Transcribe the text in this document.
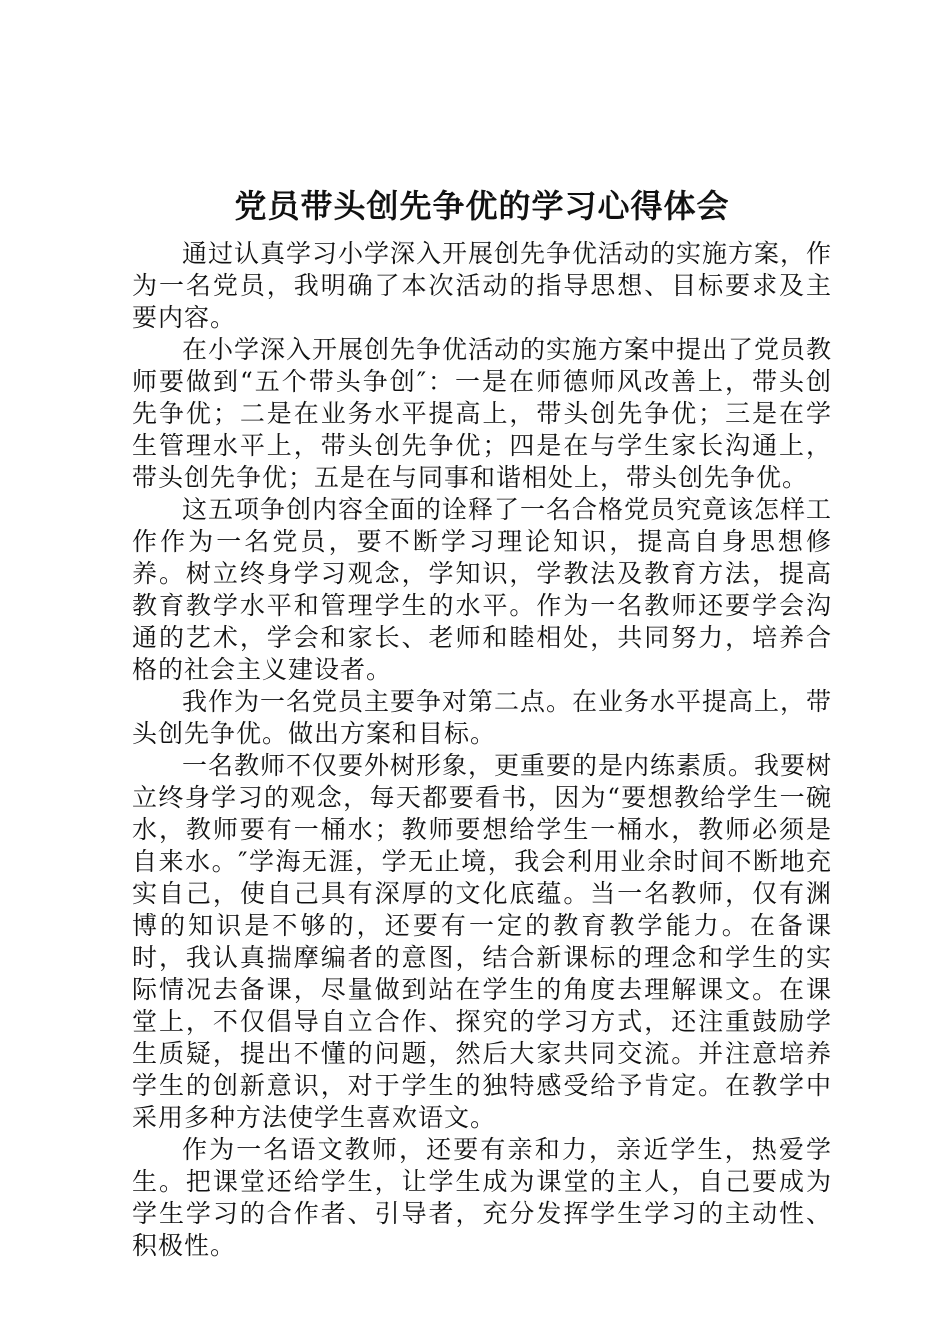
党员带头创先争优的学习心得体会

通过认真学习小学深入开展创先争优活动的实施方案，作为一名党员，我明确了本次活动的指导思想、目标要求及主要内容。

在小学深入开展创先争优活动的实施方案中提出了党员教师要做到“五个带头争创″：一是在师德师风改善上，带头创先争优；二是在业务水平提高上，带头创先争优；三是在学生管理水平上，带头创先争优；四是在与学生家长沟通上，带头创先争优；五是在与同事和谐相处上，带头创先争优。

这五项争创内容全面的诠释了一名合格党员究竟该怎样工作作为一名党员，要不断学习理论知识，提高自身思想修养。树立终身学习观念，学知识，学教法及教育方法，提高教育教学水平和管理学生的水平。作为一名教师还要学会沟通的艺术，学会和家长、老师和睦相处，共同努力，培养合格的社会主义建设者。

我作为一名党员主要争对第二点。在业务水平提高上，带头创先争优。做出方案和目标。

一名教师不仅要外树形象，更重要的是内练素质。我要树立终身学习的观念，每天都要看书，因为“要想教给学生一碗水，教师要有一桶水；教师要想给学生一桶水，教师必须是自来水。″学海无涯，学无止境，我会利用业余时间不断地充实自己，使自己具有深厚的文化底蕴。当一名教师，仅有渊博的知识是不够的，还要有一定的教育教学能力。在备课时，我认真揣摩编者的意图，结合新课标的理念和学生的实际情况去备课，尽量做到站在学生的角度去理解课文。在课堂上，不仅倡导自立合作、探究的学习方式，还注重鼓励学生质疑，提出不懂的问题，然后大家共同交流。并注意培养学生的创新意识，对于学生的独特感受给予肯定。在教学中采用多种方法使学生喜欢语文。

作为一名语文教师，还要有亲和力，亲近学生，热爱学生。把课堂还给学生，让学生成为课堂的主人，自己要成为学生学习的合作者、引导者，充分发挥学生学习的主动性、积极性。
